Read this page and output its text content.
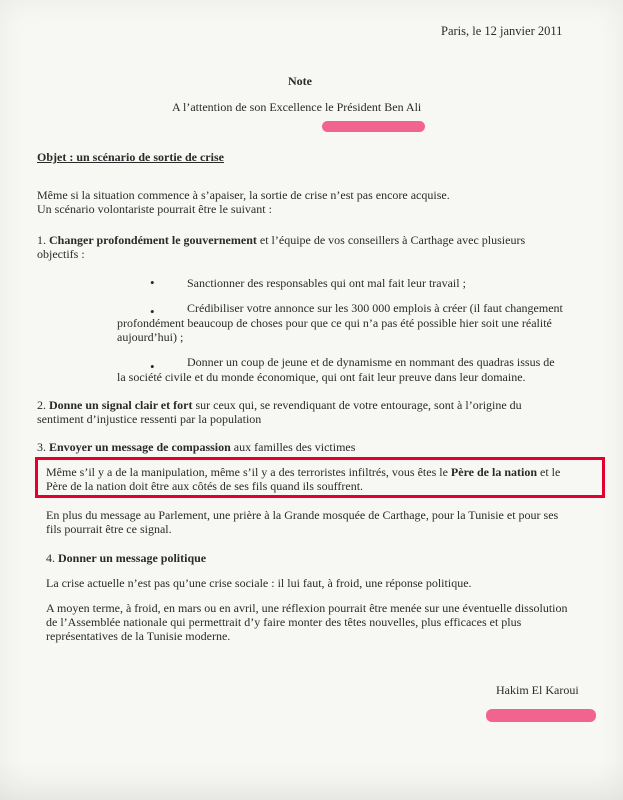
Paris, le 12 janvier 2011
Note
A l’attention de son Excellence le Président Ben Ali
Objet : un scénario de sortie de crise
Même si la situation commence à s’apaiser, la sortie de crise n’est pas encore acquise.
Un scénario volontariste pourrait être le suivant :
1. Changer profondément le gouvernement et l’équipe de vos conseillers à Carthage avec plusieurs
objectifs :
•	Sanctionner des responsables qui ont mal fait leur travail ;
•	Crédibiliser votre annonce sur les 300 000 emplois à créer (il faut changement
profondément beaucoup de choses pour que ce qui n’a pas été possible hier soit une réalité
aujourd’hui) ;
•	Donner un coup de jeune et de dynamisme en nommant des quadras issus de
la société civile et du monde économique, qui ont fait leur preuve dans leur domaine.
2. Donne un signal clair et fort sur ceux qui, se revendiquant de votre entourage, sont à l’origine du
sentiment d’injustice ressenti par la population
3. Envoyer un message de compassion aux familles des victimes
Même s’il y a de la manipulation, même s’il y a des terroristes infiltrés, vous êtes le Père de la nation et le
Père de la nation doit être aux côtés de ses fils quand ils souffrent.
En plus du message au Parlement, une prière à la Grande mosquée de Carthage, pour la Tunisie et pour ses
fils pourrait être ce signal.
4. Donner un message politique
La crise actuelle n’est pas qu’une crise sociale : il lui faut, à froid, une réponse politique.
A moyen terme, à froid, en mars ou en avril, une réflexion pourrait être menée sur une éventuelle dissolution
de l’Assemblée nationale qui permettrait d’y faire monter des têtes nouvelles, plus efficaces et plus
représentatives de la Tunisie moderne.
Hakim El Karoui
